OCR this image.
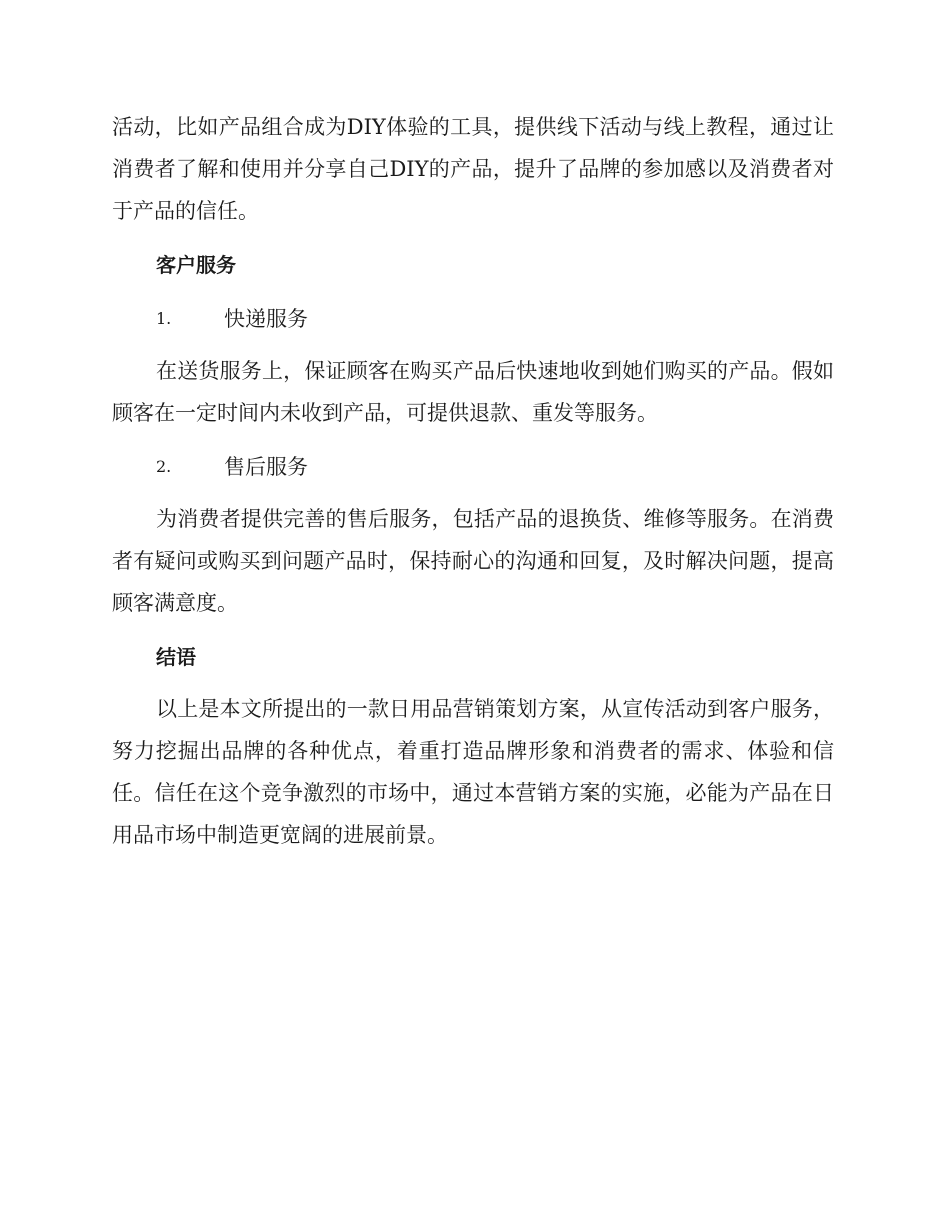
活动，比如产品组合成为DIY体验的工具，提供线下活动与线上教程，通过让消费者了解和使用并分享自己DIY的产品，提升了品牌的参加感以及消费者对于产品的信任。

客户服务
1.	快递服务

在送货服务上，保证顾客在购买产品后快速地收到她们购买的产品。假如顾客在一定时间内未收到产品，可提供退款、重发等服务。

2.	售后服务

为消费者提供完善的售后服务，包括产品的退换货、维修等服务。在消费者有疑问或购买到问题产品时，保持耐心的沟通和回复，及时解决问题，提高顾客满意度。

结语

以上是本文所提出的一款日用品营销策划方案，从宣传活动到客户服务，努力挖掘出品牌的各种优点，着重打造品牌形象和消费者的需求、体验和信任。信任在这个竞争激烈的市场中，通过本营销方案的实施，必能为产品在日用品市场中制造更宽阔的进展前景。
